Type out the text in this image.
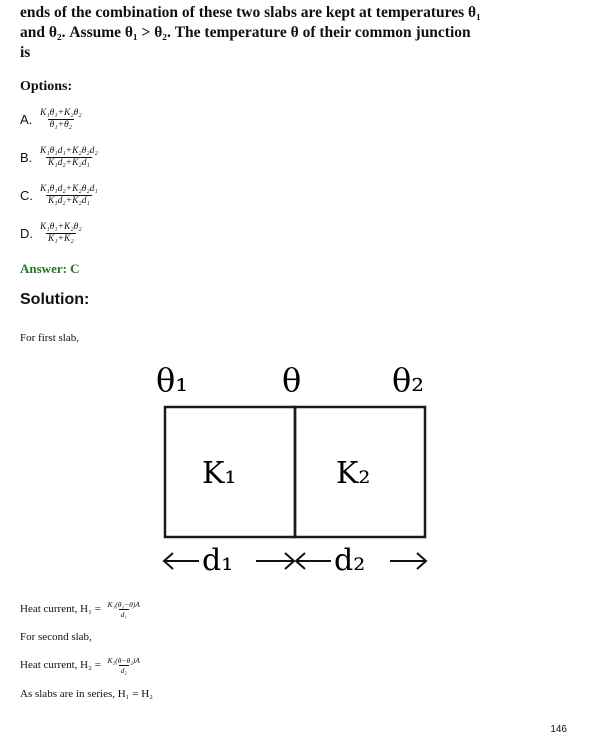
ends of the combination of these two slabs are kept at temperatures θ₁
and θ₂. Assume θ₁ > θ₂. The temperature θ of their common junction
is
Options:
A. $\frac{\text{K₁θ₁+K₂θ₂}}{\text{θ₁+θ₂}}$
B. $\frac{\text{K₁θ₁d₁+K₂θ₂d₂}}{\text{K₁d₂+K₂d₁}}$
C. $\frac{\text{K₁θ₁d₂+K₂θ₂d₁}}{\text{K₁d₂+K₂d₁}}$
D. $\frac{\text{K₁θ₁+K₂θ₂}}{\text{K₁+K₂}}$
Answer: C
Solution:
For first slab,
θ₁	θ	θ₂
K₁	K₂
d₁	d₂
Heat current, $H_1 = \frac{\text{K₁(θ₁−θ)A}}{\text{d₁}}$
For second slab,
Heat current, $H_2 = \frac{\text{K₂(θ−θ₂)A}}{\text{d₂}}$
As slabs are in series, H₁ = H₂
146
